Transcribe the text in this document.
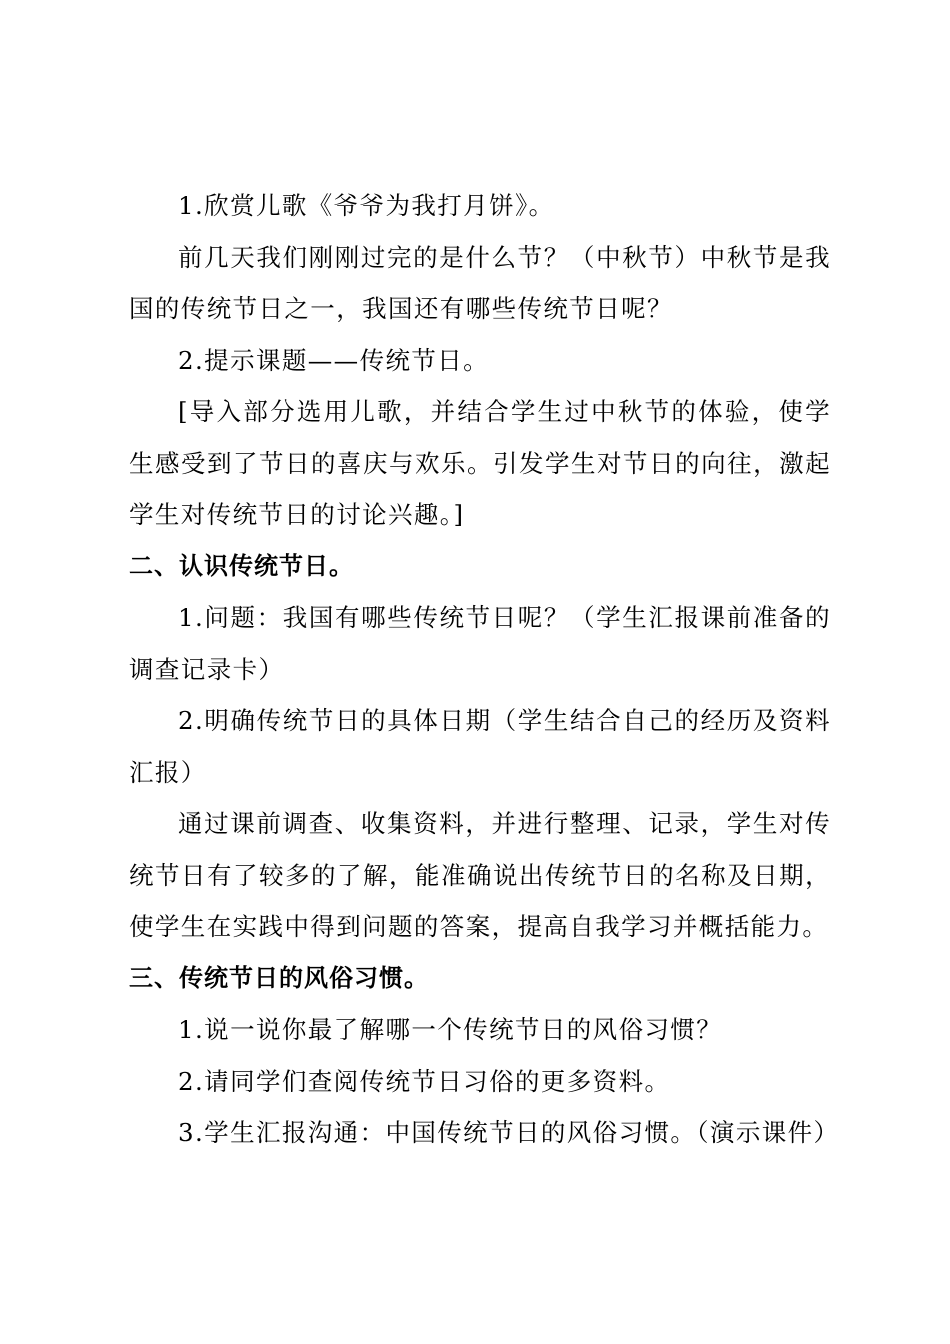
1.欣赏儿歌《爷爷为我打月饼》。

前几天我们刚刚过完的是什么节？（中秋节）中秋节是我国的传统节日之一，我国还有哪些传统节日呢？

2.提示课题——传统节日。

[导入部分选用儿歌，并结合学生过中秋节的体验，使学生感受到了节日的喜庆与欢乐。引发学生对节日的向往，激起学生对传统节日的讨论兴趣。]

二、认识传统节日。

1.问题：我国有哪些传统节日呢？（学生汇报课前准备的调查记录卡）

2.明确传统节日的具体日期（学生结合自己的经历及资料汇报）

通过课前调查、收集资料，并进行整理、记录，学生对传统节日有了较多的了解，能准确说出传统节日的名称及日期，使学生在实践中得到问题的答案，提高自我学习并概括能力。

三、传统节日的风俗习惯。

1.说一说你最了解哪一个传统节日的风俗习惯？

2.请同学们查阅传统节日习俗的更多资料。

3.学生汇报沟通：中国传统节日的风俗习惯。（演示课件）
